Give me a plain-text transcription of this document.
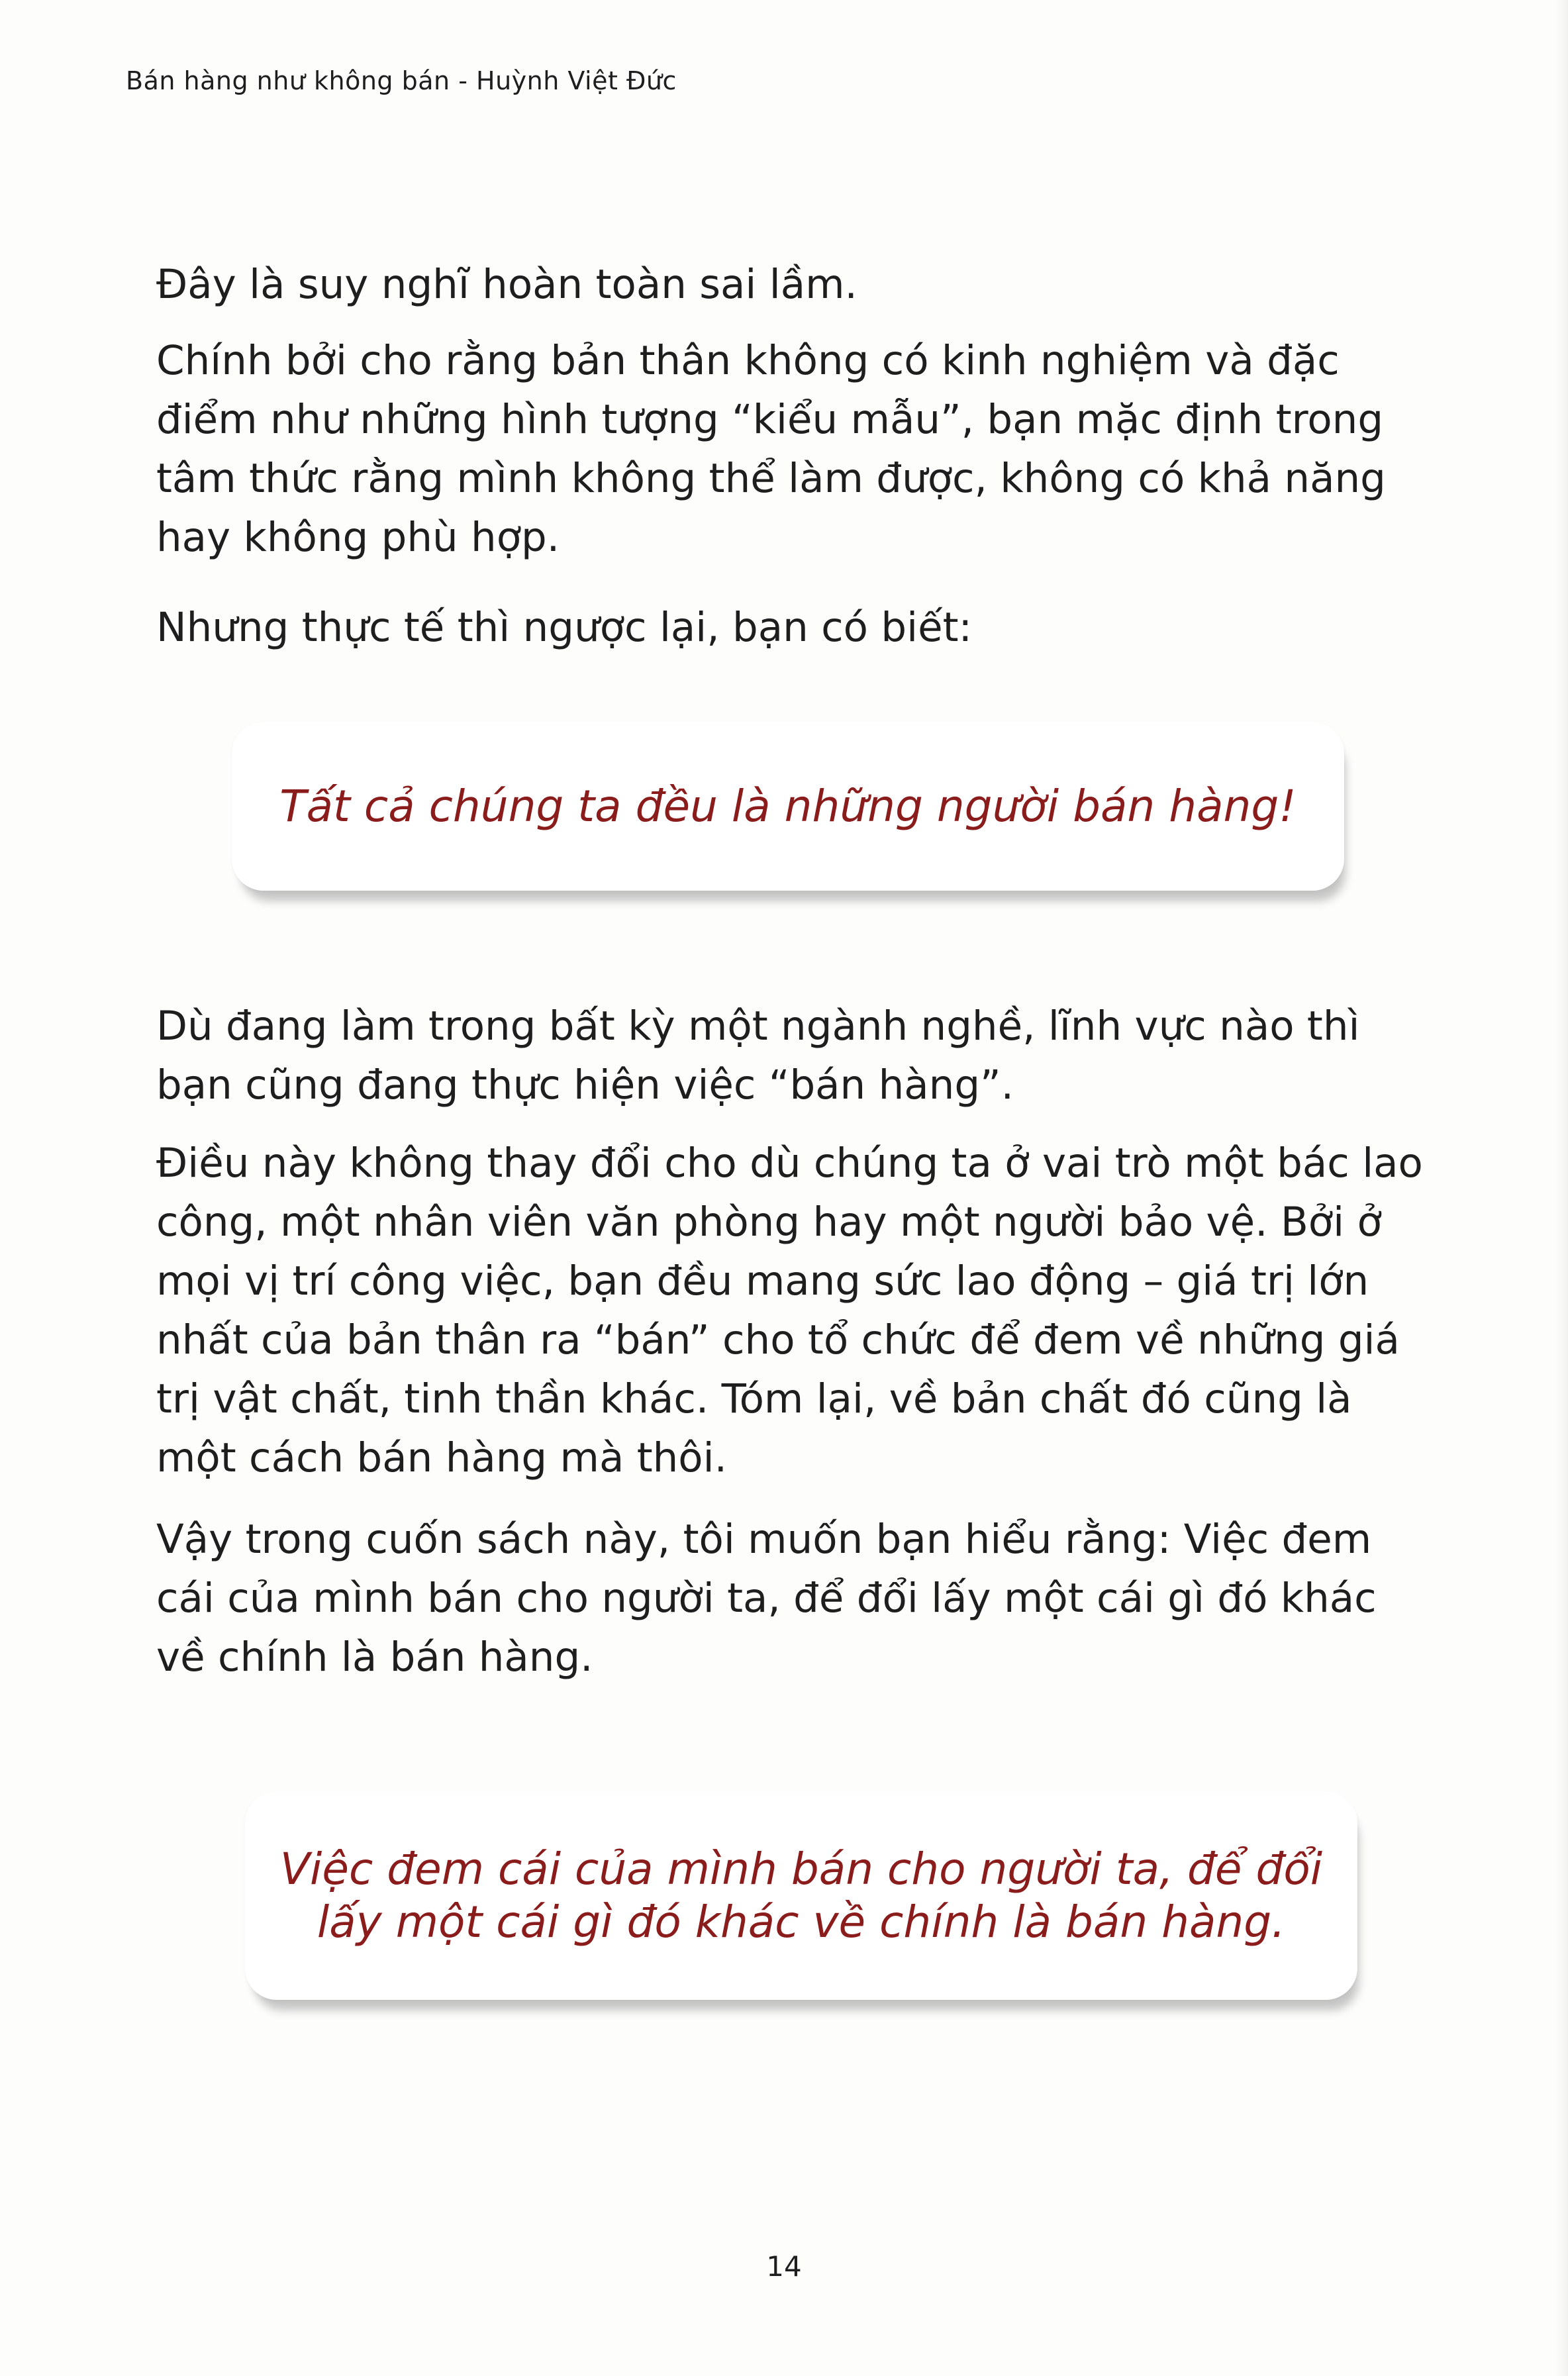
Bán hàng như không bán - Huỳnh Việt Đức

Đây là suy nghĩ hoàn toàn sai lầm.

Chính bởi cho rằng bản thân không có kinh nghiệm và đặc điểm như những hình tượng “kiểu mẫu”, bạn mặc định trong tâm thức rằng mình không thể làm được, không có khả năng hay không phù hợp.

Nhưng thực tế thì ngược lại, bạn có biết:

Tất cả chúng ta đều là những người bán hàng!

Dù đang làm trong bất kỳ một ngành nghề, lĩnh vực nào thì bạn cũng đang thực hiện việc “bán hàng”.

Điều này không thay đổi cho dù chúng ta ở vai trò một bác lao công, một nhân viên văn phòng hay một người bảo vệ. Bởi ở mọi vị trí công việc, bạn đều mang sức lao động – giá trị lớn nhất của bản thân ra “bán” cho tổ chức để đem về những giá trị vật chất, tinh thần khác. Tóm lại, về bản chất đó cũng là một cách bán hàng mà thôi.

Vậy trong cuốn sách này, tôi muốn bạn hiểu rằng: Việc đem cái của mình bán cho người ta, để đổi lấy một cái gì đó khác về chính là bán hàng.

Việc đem cái của mình bán cho người ta, để đổi lấy một cái gì đó khác về chính là bán hàng.

14
